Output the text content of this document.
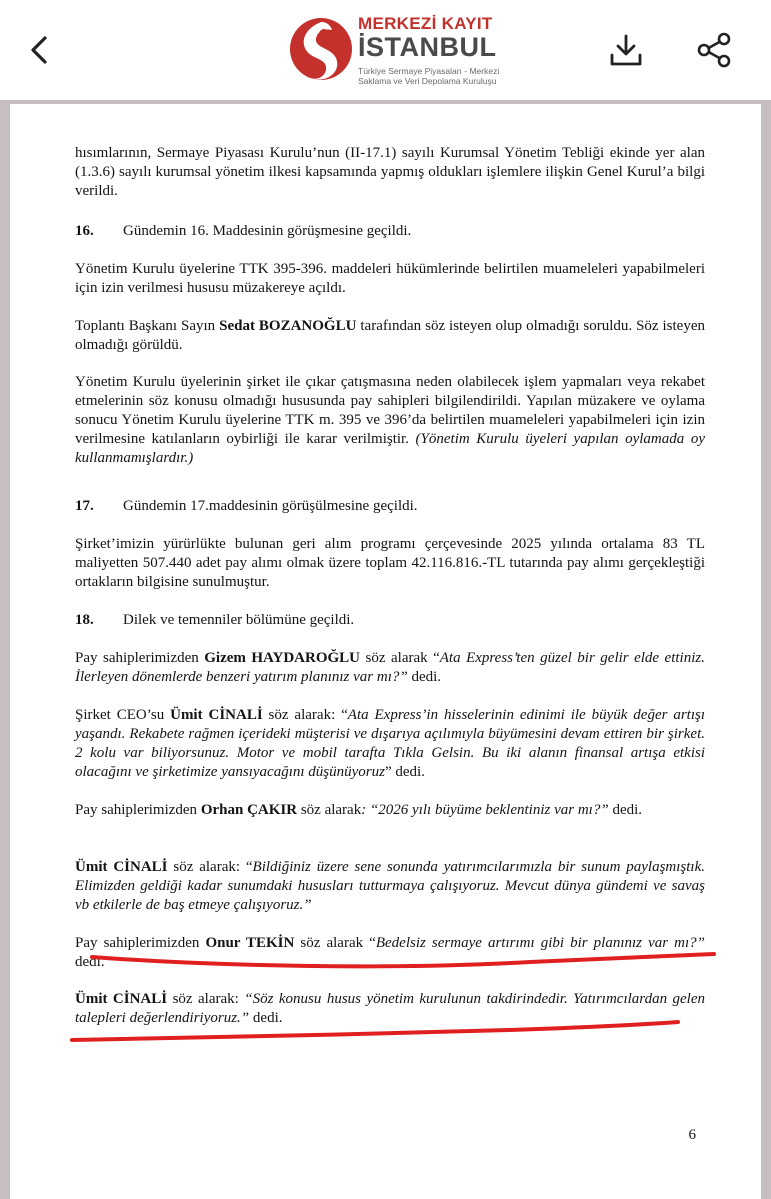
MERKEZİ KAYIT
İSTANBUL
Türkiye Sermaye Piyasaları - Merkezi
Saklama ve Veri Depolama Kuruluşu
hısımlarının, Sermaye Piyasası Kurulu’nun (II-17.1) sayılı Kurumsal Yönetim Tebliği ekinde yer alan (1.3.6) sayılı kurumsal yönetim ilkesi kapsamında yapmış oldukları işlemlere ilişkin Genel Kurul’a bilgi verildi.
16. Gündemin 16. Maddesinin görüşmesine geçildi.
Yönetim Kurulu üyelerine TTK 395-396. maddeleri hükümlerinde belirtilen muameleleri yapabilmeleri için izin verilmesi hususu müzakereye açıldı.
Toplantı Başkanı Sayın Sedat BOZANOĞLU tarafından söz isteyen olup olmadığı soruldu. Söz isteyen olmadığı görüldü.
Yönetim Kurulu üyelerinin şirket ile çıkar çatışmasına neden olabilecek işlem yapmaları veya rekabet etmelerinin söz konusu olmadığı hususunda pay sahipleri bilgilendirildi. Yapılan müzakere ve oylama sonucu Yönetim Kurulu üyelerine TTK m. 395 ve 396’da belirtilen muameleleri yapabilmeleri için izin verilmesine katılanların oybirliği ile karar verilmiştir. (Yönetim Kurulu üyeleri yapılan oylamada oy kullanmamışlardır.)
17. Gündemin 17.maddesinin görüşülmesine geçildi.
Şirket’imizin yürürlükte bulunan geri alım programı çerçevesinde 2025 yılında ortalama 83 TL maliyetten 507.440 adet pay alımı olmak üzere toplam 42.116.816.-TL tutarında pay alımı gerçekleştiği ortakların bilgisine sunulmuştur.
18. Dilek ve temenniler bölümüne geçildi.
Pay sahiplerimizden Gizem HAYDAROĞLU söz alarak “Ata Express’ten güzel bir gelir elde ettiniz. İlerleyen dönemlerde benzeri yatırım planınız var mı?” dedi.
Şirket CEO’su Ümit CİNALİ söz alarak: “Ata Express’in hisselerinin edinimi ile büyük değer artışı yaşandı. Rekabete rağmen içerideki müşterisi ve dışarıya açılımıyla büyümesini devam ettiren bir şirket. 2 kolu var biliyorsunuz. Motor ve mobil tarafta Tıkla Gelsin. Bu iki alanın finansal artışa etkisi olacağını ve şirketimize yansıyacağını düşünüyoruz” dedi.
Pay sahiplerimizden Orhan ÇAKIR söz alarak: “2026 yılı büyüme beklentiniz var mı?” dedi.
Ümit CİNALİ söz alarak: “Bildiğiniz üzere sene sonunda yatırımcılarımızla bir sunum paylaşmıştık. Elimizden geldiği kadar sunumdaki hususları tutturmaya çalışıyoruz. Mevcut dünya gündemi ve savaş vb etkilerle de baş etmeye çalışıyoruz.”
Pay sahiplerimizden Onur TEKİN söz alarak “Bedelsiz sermaye artırımı gibi bir planınız var mı?” dedi.
Ümit CİNALİ söz alarak: “Söz konusu husus yönetim kurulunun takdirindedir. Yatırımcılardan gelen talepleri değerlendiriyoruz.” dedi.
6
